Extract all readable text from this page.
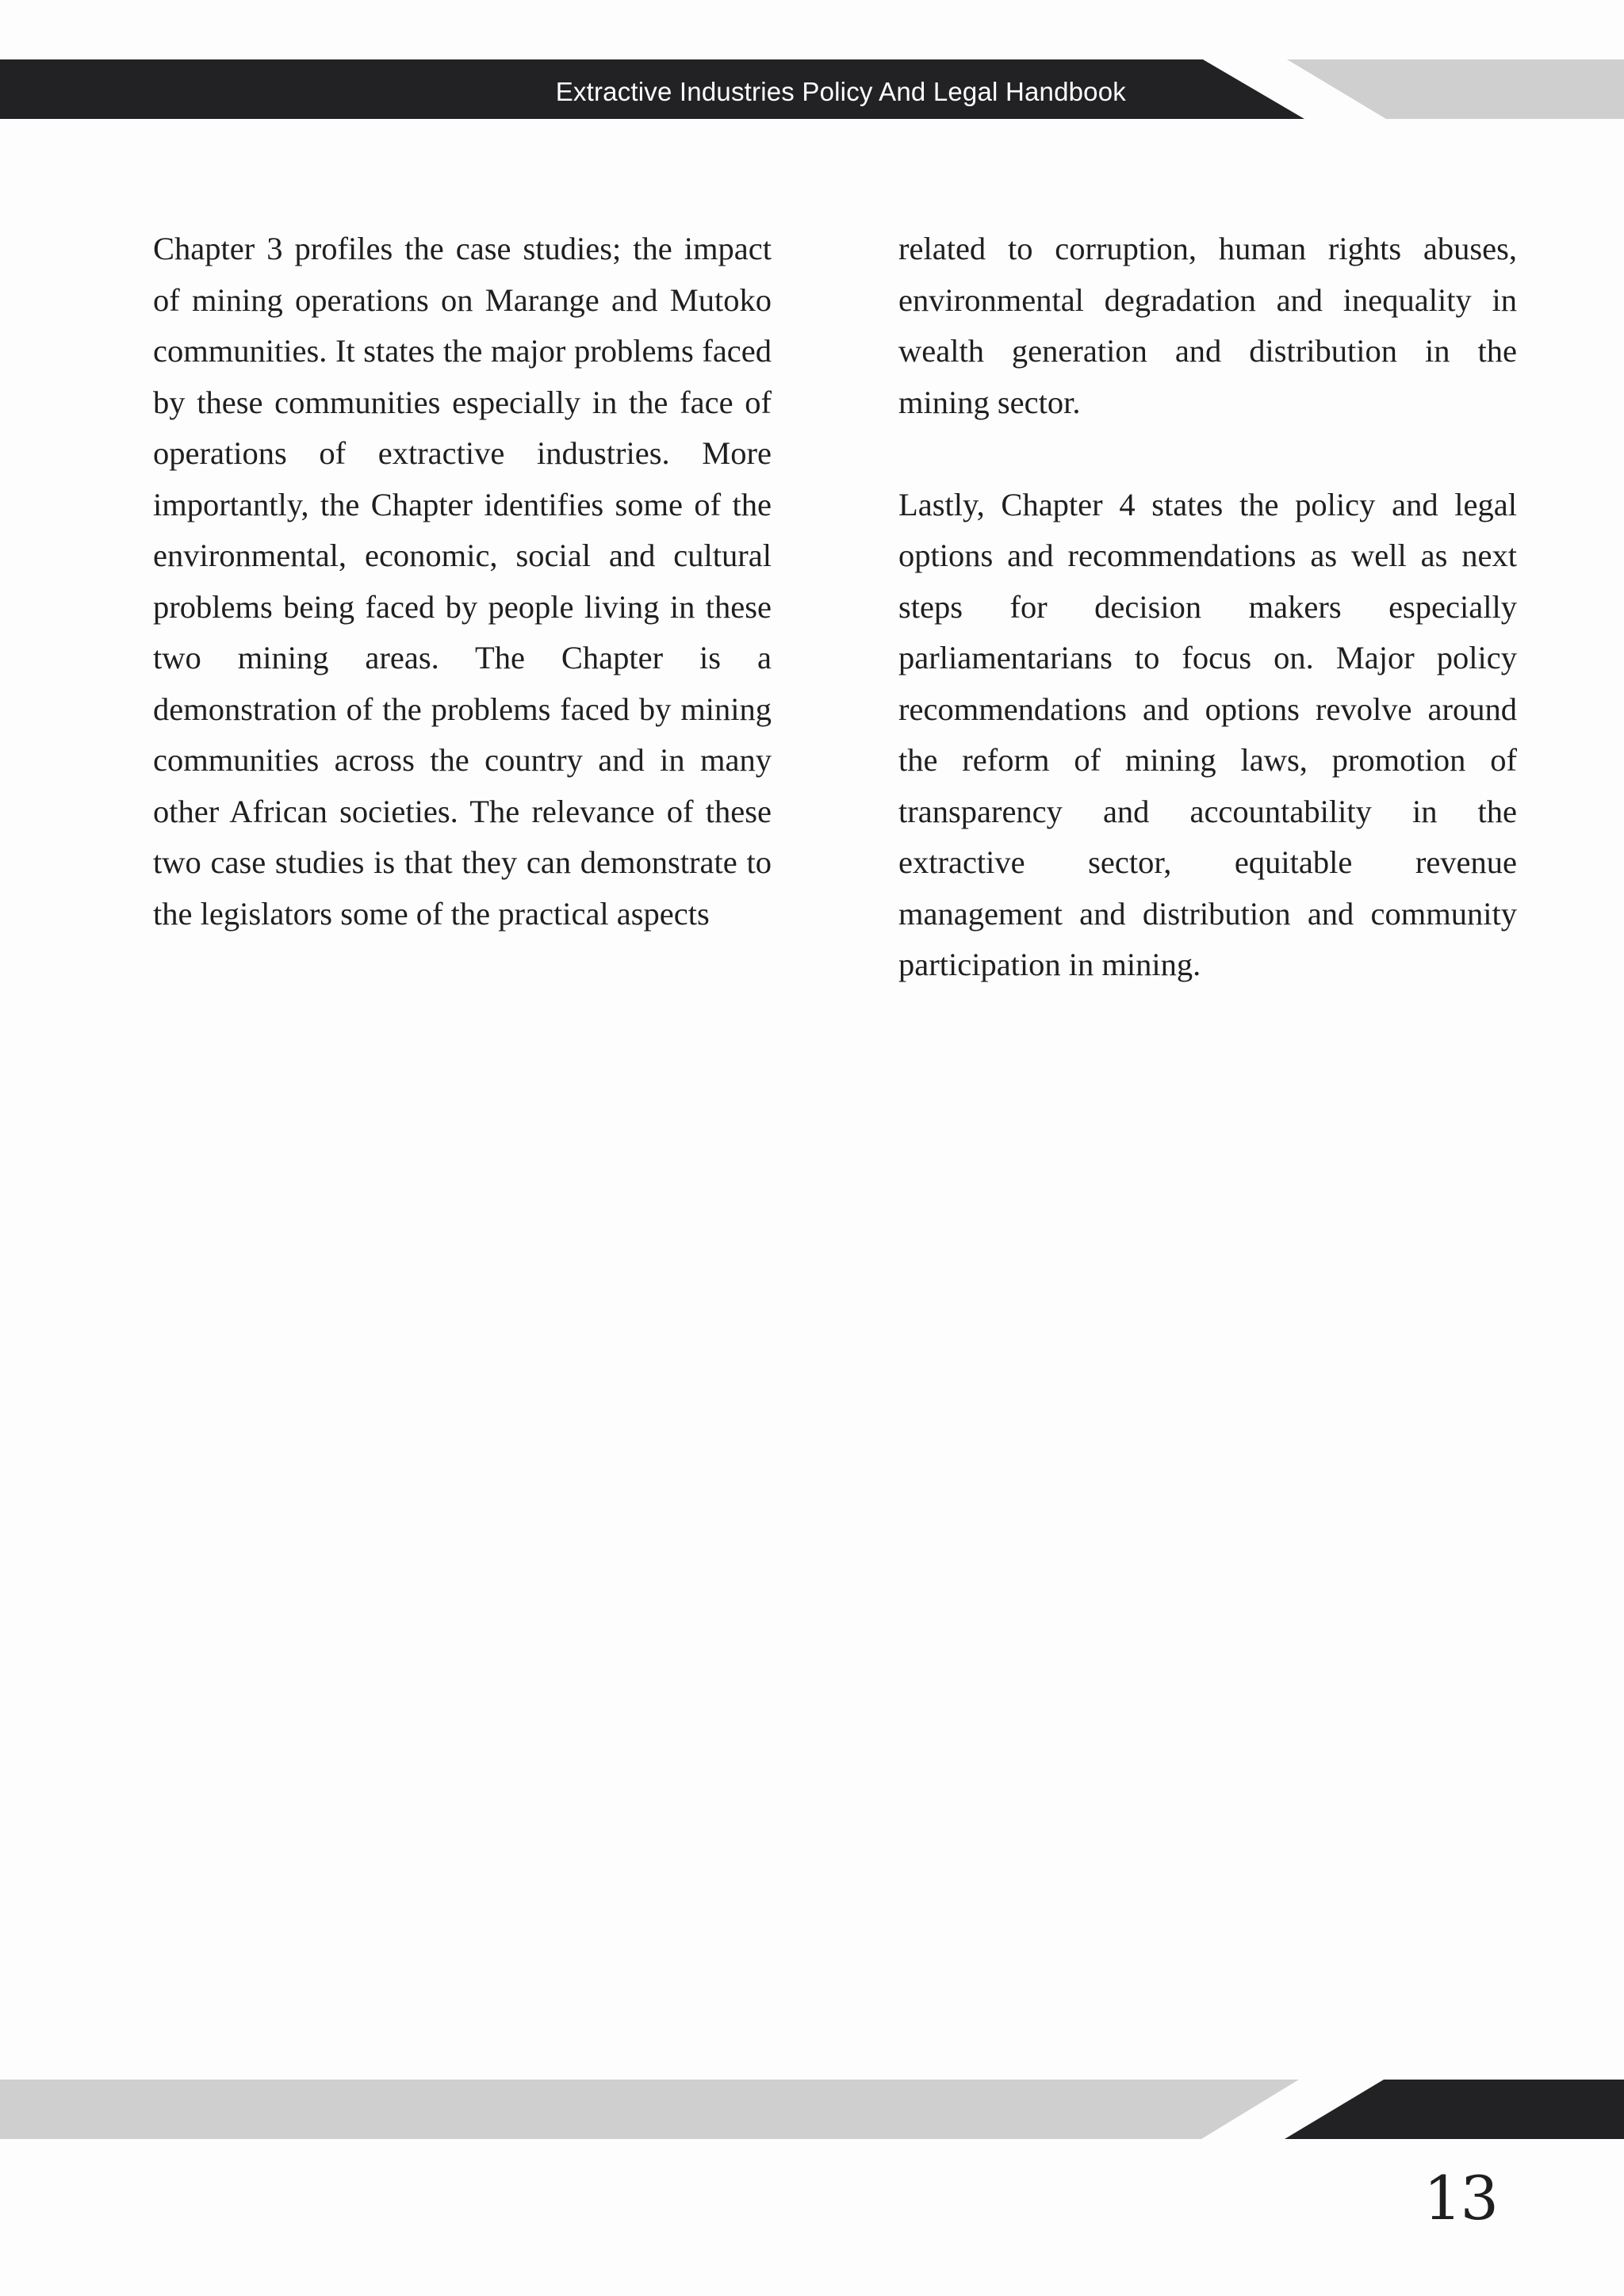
Extractive Industries Policy And Legal Handbook

Chapter 3 profiles the case studies; the impact of mining operations on Marange and Mutoko communities. It states the major problems faced by these communities especially in the face of operations of extractive industries. More importantly, the Chapter identifies some of the environmental, economic, social and cultural problems being faced by people living in these two mining areas. The Chapter is a demonstration of the problems faced by mining communities across the country and in many other African societies. The relevance of these two case studies is that they can demonstrate to the legislators some of the practical aspects

related to corruption, human rights abuses, environmental degradation and inequality in wealth generation and distribution in the mining sector.

Lastly, Chapter 4 states the policy and legal options and recommendations as well as next steps for decision makers especially parliamentarians to focus on. Major policy recommendations and options revolve around the reform of mining laws, promotion of transparency and accountability in the extractive sector, equitable revenue management and distribution and community participation in mining.

13
